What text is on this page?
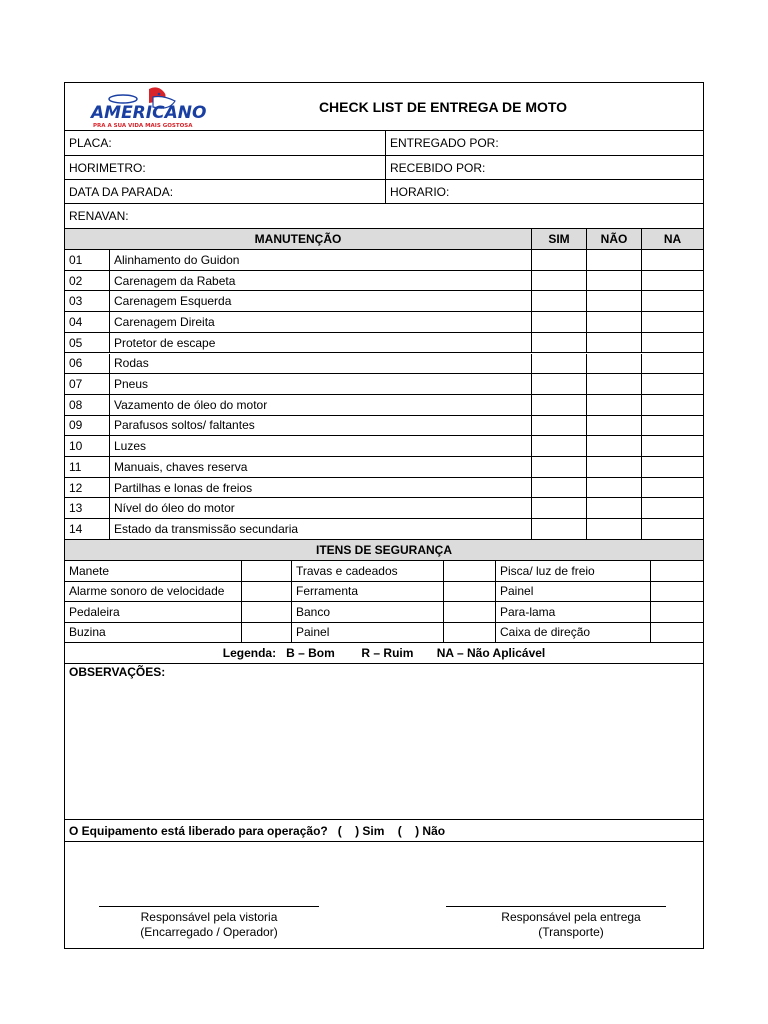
AMERICANO
PRA A SUA VIDA MAIS GOSTOSA
CHECK LIST DE ENTREGA DE MOTO
PLACA:	ENTREGADO POR:
HORIMETRO:	RECEBIDO POR:
DATA DA PARADA:	HORARIO:
RENAVAN:
MANUTENÇÃO	SIM	NÃO	NA
01	Alinhamento do Guidon
02	Carenagem da Rabeta
03	Carenagem Esquerda
04	Carenagem Direita
05	Protetor de escape
06	Rodas
07	Pneus
08	Vazamento de óleo do motor
09	Parafusos soltos/ faltantes
10	Luzes
11	Manuais, chaves reserva
12	Partilhas e lonas de freios
13	Nível do óleo do motor
14	Estado da transmissão secundaria
ITENS DE SEGURANÇA
Manete	Travas e cadeados	Pisca/ luz de freio
Alarme sonoro de velocidade	Ferramenta	Painel
Pedaleira	Banco	Para-lama
Buzina	Painel	Caixa de direção
Legenda:   B – Bom        R – Ruim       NA – Não Aplicável
OBSERVAÇÕES:
O Equipamento está liberado para operação?   (    ) Sim    (    ) Não
Responsável pela vistoria
(Encarregado / Operador)
Responsável pela entrega
(Transporte)
